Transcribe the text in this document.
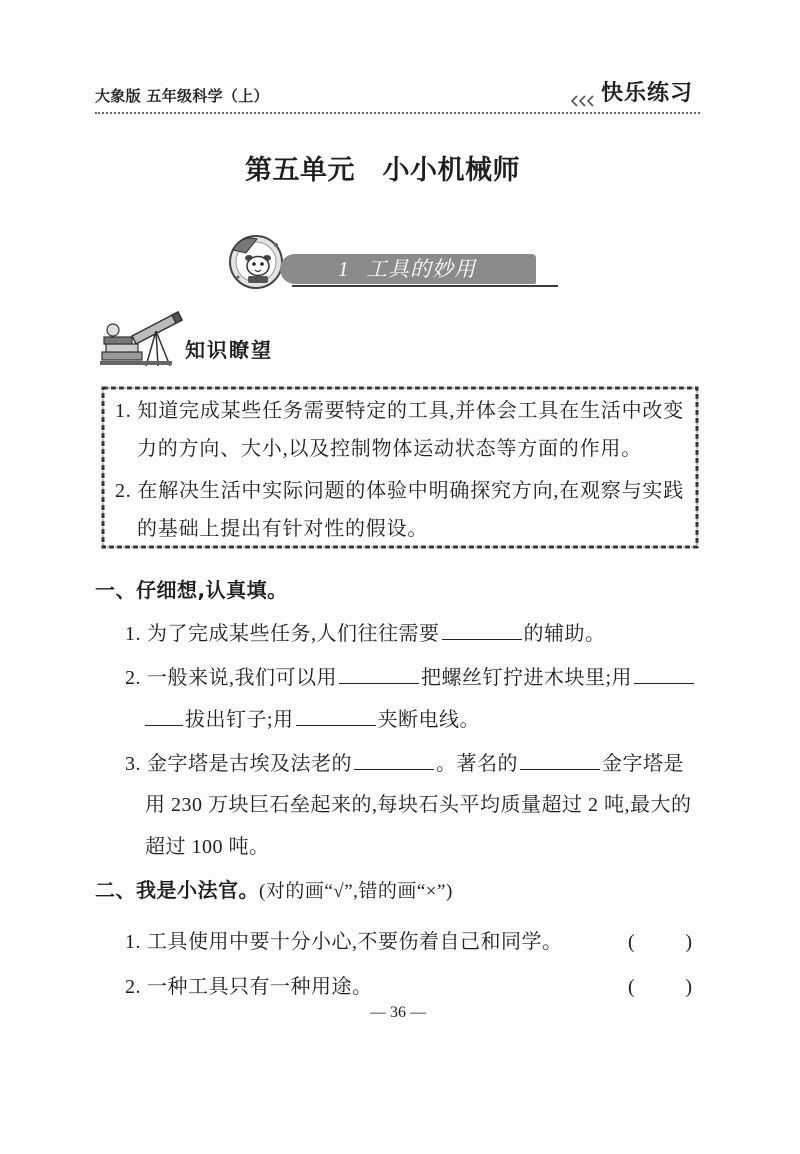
大象版 五年级科学（上）	快乐练习
第五单元　小小机械师
1 工具的妙用
知识瞭望
1. 知道完成某些任务需要特定的工具,并体会工具在生活中改变
力的方向、大小,以及控制物体运动状态等方面的作用。
2. 在解决生活中实际问题的体验中明确探究方向,在观察与实践
的基础上提出有针对性的假设。
一、仔细想,认真填。
1. 为了完成某些任务,人们往往需要	的辅助。
2. 一般来说,我们可以用	把螺丝钉拧进木块里;用
拔出钉子;用	夹断电线。
3. 金字塔是古埃及法老的	。著名的	金字塔是
用 230 万块巨石垒起来的,每块石头平均质量超过 2 吨,最大的
超过 100 吨。
二、我是小法官。(对的画“√”,错的画“×”)
1. 工具使用中要十分小心,不要伤着自己和同学。	(	)
2. 一种工具只有一种用途。	(	)
— 36 —
